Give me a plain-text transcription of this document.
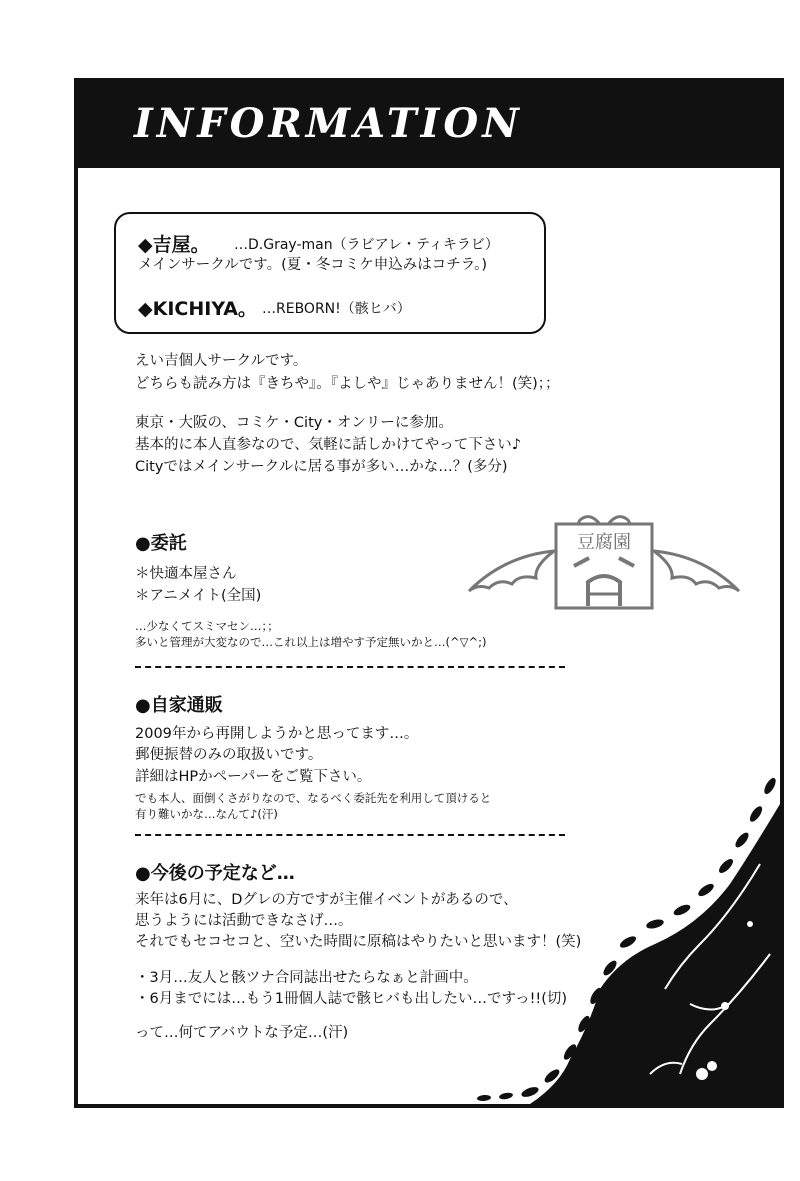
INFORMATION
◆吉屋。 …D.Gray-man（ラビアレ・ティキラビ）
メインサークルです。(夏・冬コミケ申込みはコチラ。)
◆KICHIYA。 …REBORN!（骸ヒバ）
えい吉個人サークルです。
どちらも読み方は『きちや』。『よしや』じゃありません！(笑)；；
東京・大阪の、コミケ・City・オンリーに参加。
基本的に本人直参なので、気軽に話しかけてやって下さい♪
Cityではメインサークルに居る事が多い…かな…？(多分)
豆腐園
●委託
＊快適本屋さん
＊アニメイト(全国)
…少なくてスミマセン…；；
多いと管理が大変なので…これ以上は増やす予定無いかと…(^▽^;)
●自家通販
2009年から再開しようかと思ってます…。
郵便振替のみの取扱いです。
詳細はHPかペーパーをご覧下さい。
でも本人、面倒くさがりなので、なるべく委託先を利用して頂けると
有り難いかな…なんて♪(汗)
●今後の予定など…
来年は6月に、Dグレの方ですが主催イベントがあるので、
思うようには活動できなさげ…。
それでもセコセコと、空いた時間に原稿はやりたいと思います！(笑)
・3月…友人と骸ツナ合同誌出せたらなぁと計画中。
・6月までには…もう1冊個人誌で骸ヒバも出したい…ですっ!!(切)
って…何てアバウトな予定…(汗)
